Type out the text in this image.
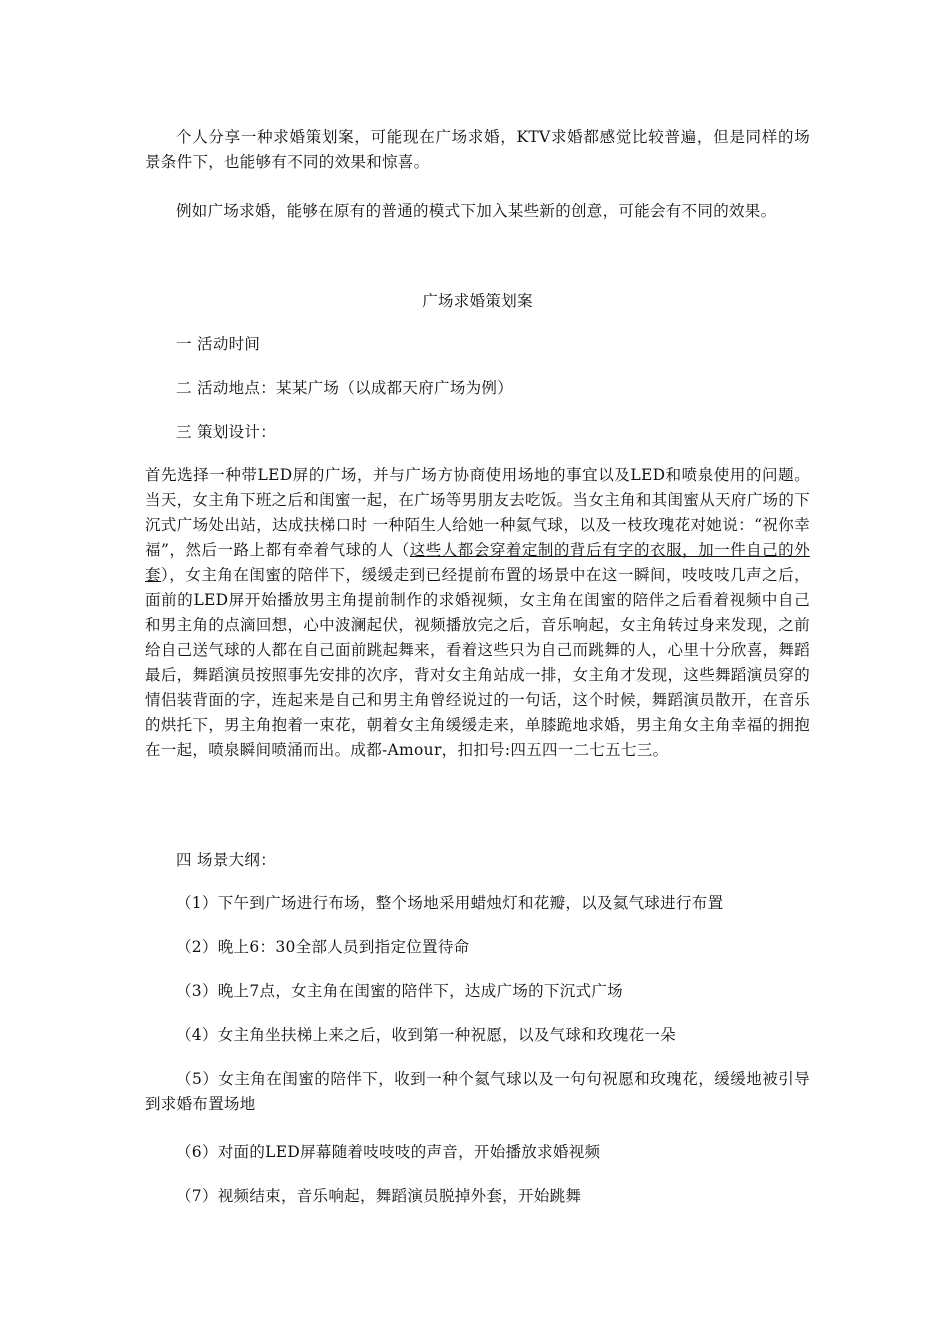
个人分享一种求婚策划案，可能现在广场求婚，KTV求婚都感觉比较普遍，但是同样的场景条件下，也能够有不同的效果和惊喜。

例如广场求婚，能够在原有的普通的模式下加入某些新的创意，可能会有不同的效果。

广场求婚策划案

一 活动时间

二 活动地点：某某广场（以成都天府广场为例）

三 策划设计：

首先选择一种带LED屏的广场，并与广场方协商使用场地的事宜以及LED和喷泉使用的问题。当天，女主角下班之后和闺蜜一起，在广场等男朋友去吃饭。当女主角和其闺蜜从天府广场的下沉式广场处出站，达成扶梯口时 一种陌生人给她一种氦气球，以及一枝玫瑰花对她说：“祝你幸福”，然后一路上都有牵着气球的人（这些人都会穿着定制的背后有字的衣服，加一件自己的外套），女主角在闺蜜的陪伴下，缓缓走到已经提前布置的场景中在这一瞬间，吱吱吱几声之后，面前的LED屏开始播放男主角提前制作的求婚视频，女主角在闺蜜的陪伴之后看着视频中自己和男主角的点滴回想，心中波澜起伏，视频播放完之后，音乐响起，女主角转过身来发现，之前给自己送气球的人都在自己面前跳起舞来，看着这些只为自己而跳舞的人，心里十分欣喜，舞蹈最后，舞蹈演员按照事先安排的次序，背对女主角站成一排，女主角才发现，这些舞蹈演员穿的情侣装背面的字，连起来是自己和男主角曾经说过的一句话，这个时候，舞蹈演员散开，在音乐的烘托下，男主角抱着一束花，朝着女主角缓缓走来，单膝跪地求婚，男主角女主角幸福的拥抱在一起，喷泉瞬间喷涌而出。成都-Amour，扣扣号:四五四一二七五七三。

四 场景大纲：

（1）下午到广场进行布场，整个场地采用蜡烛灯和花瓣，以及氦气球进行布置

（2）晚上6：30全部人员到指定位置待命

（3）晚上7点，女主角在闺蜜的陪伴下，达成广场的下沉式广场

（4）女主角坐扶梯上来之后，收到第一种祝愿，以及气球和玫瑰花一朵

（5）女主角在闺蜜的陪伴下，收到一种个氦气球以及一句句祝愿和玫瑰花，缓缓地被引导到求婚布置场地

（6）对面的LED屏幕随着吱吱吱的声音，开始播放求婚视频

（7）视频结束，音乐响起，舞蹈演员脱掉外套，开始跳舞
